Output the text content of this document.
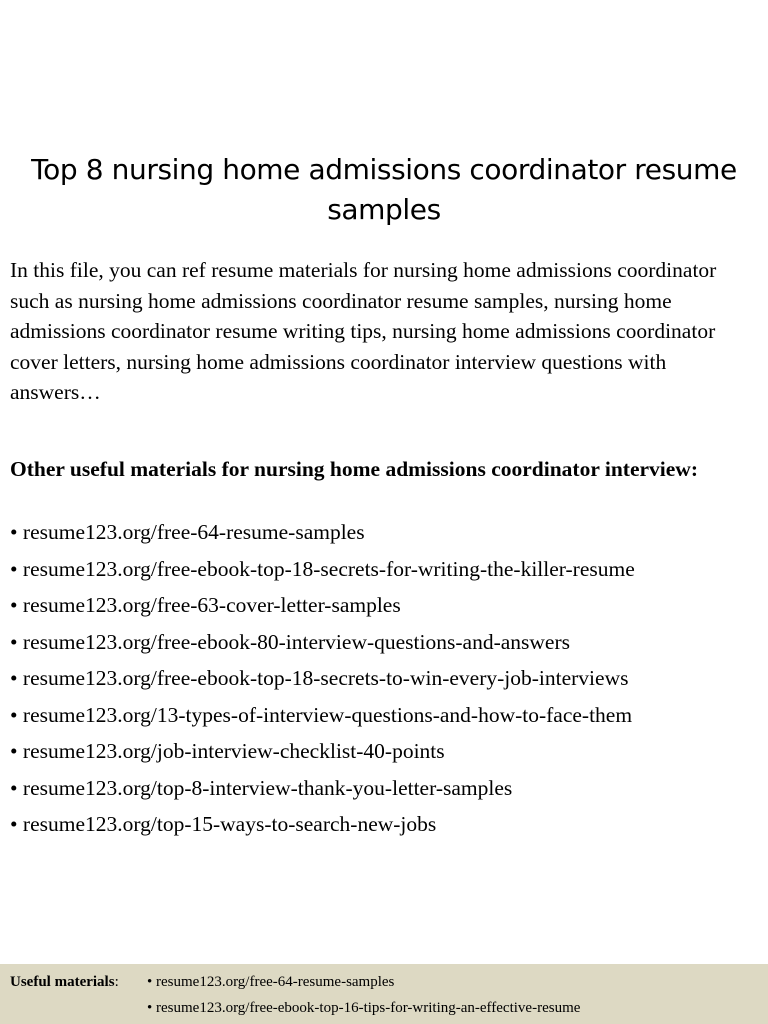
Top 8 nursing home admissions coordinator resume samples

In this file, you can ref resume materials for nursing home admissions coordinator such as nursing home admissions coordinator resume samples, nursing home admissions coordinator resume writing tips, nursing home admissions coordinator cover letters, nursing home admissions coordinator interview questions with answers…

Other useful materials for nursing home admissions coordinator interview:

• resume123.org/free-64-resume-samples
• resume123.org/free-ebook-top-18-secrets-for-writing-the-killer-resume
• resume123.org/free-63-cover-letter-samples
• resume123.org/free-ebook-80-interview-questions-and-answers
• resume123.org/free-ebook-top-18-secrets-to-win-every-job-interviews
• resume123.org/13-types-of-interview-questions-and-how-to-face-them
• resume123.org/job-interview-checklist-40-points
• resume123.org/top-8-interview-thank-you-letter-samples
• resume123.org/top-15-ways-to-search-new-jobs
Useful materials: • resume123.org/free-64-resume-samples
• resume123.org/free-ebook-top-16-tips-for-writing-an-effective-resume
